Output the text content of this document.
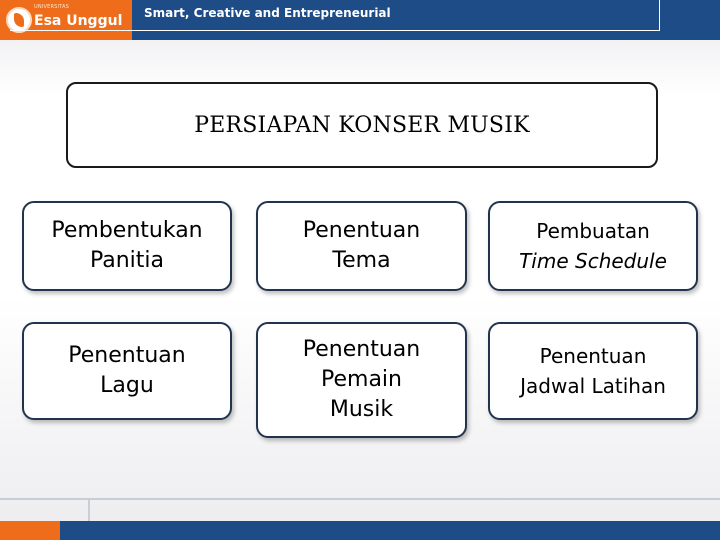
UNIVERSITAS
Esa Unggul Smart, Creative and Entrepreneurial
PERSIAPAN KONSER MUSIK
Pembentukan
Panitia
Penentuan
Tema
Pembuatan
Time Schedule
Penentuan
Lagu
Penentuan
Pemain
Musik
Penentuan
Jadwal Latihan
